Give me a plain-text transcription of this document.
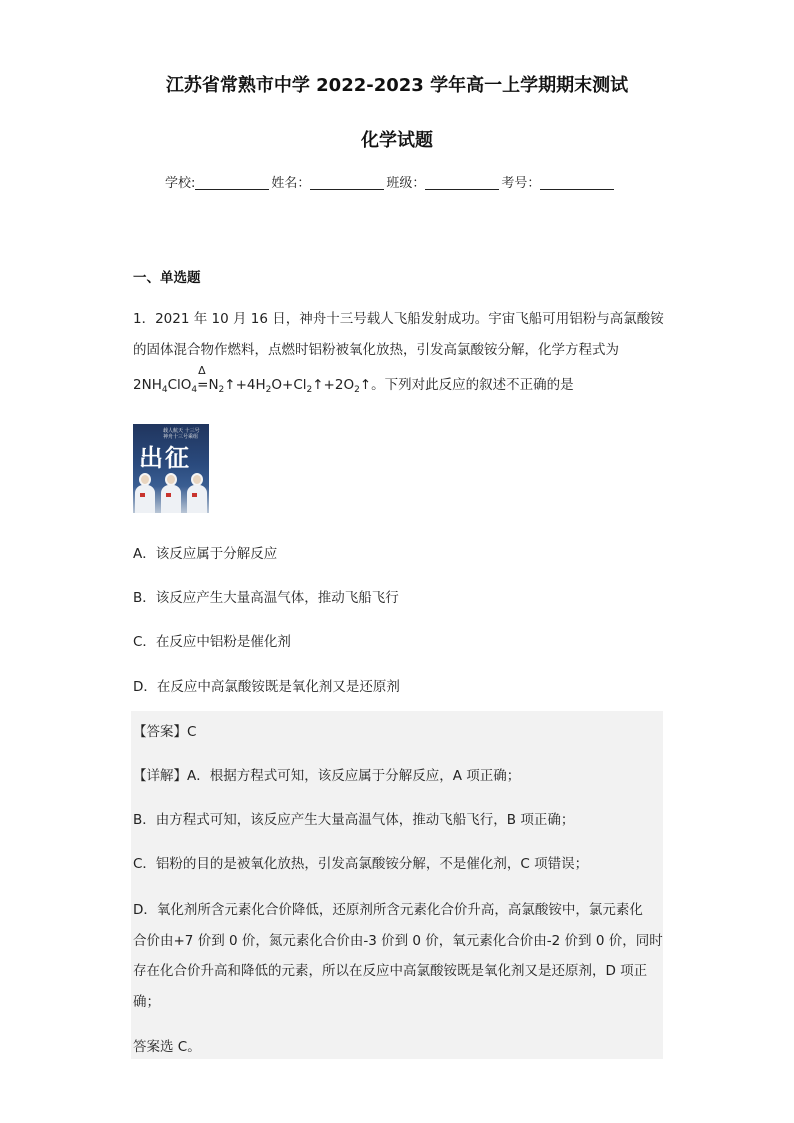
江苏省常熟市中学 2022-2023 学年高一上学期期末测试
化学试题
学校:	姓名：	班级：	考号：
一、单选题
1．2021 年 10 月 16 日，神舟十三号载人飞船发射成功。宇宙飞船可用铝粉与高氯酸铵
的固体混合物作燃料，点燃时铝粉被氧化放热，引发高氯酸铵分解，化学方程式为
$2NH_4ClO_4$
Δ
$=N_2↑+4H_2O+Cl_2↑+2O_2↑$。下列对此反应的叙述不正确的是
载人航天 十三号
神舟十三号乘组
出征
A．该反应属于分解反应
B．该反应产生大量高温气体，推动飞船飞行
C．在反应中铝粉是催化剂
D．在反应中高氯酸铵既是氧化剂又是还原剂
【答案】C
【详解】A．根据方程式可知，该反应属于分解反应，A 项正确；
B．由方程式可知，该反应产生大量高温气体，推动飞船飞行，B 项正确；
C．铝粉的目的是被氧化放热，引发高氯酸铵分解，不是催化剂，C 项错误；
D．氧化剂所含元素化合价降低，还原剂所含元素化合价升高，高氯酸铵中，氯元素化
合价由+7 价到 0 价，氮元素化合价由-3 价到 0 价，氧元素化合价由-2 价到 0 价，同时
存在化合价升高和降低的元素，所以在反应中高氯酸铵既是氧化剂又是还原剂，D 项正
确；
答案选 C。
